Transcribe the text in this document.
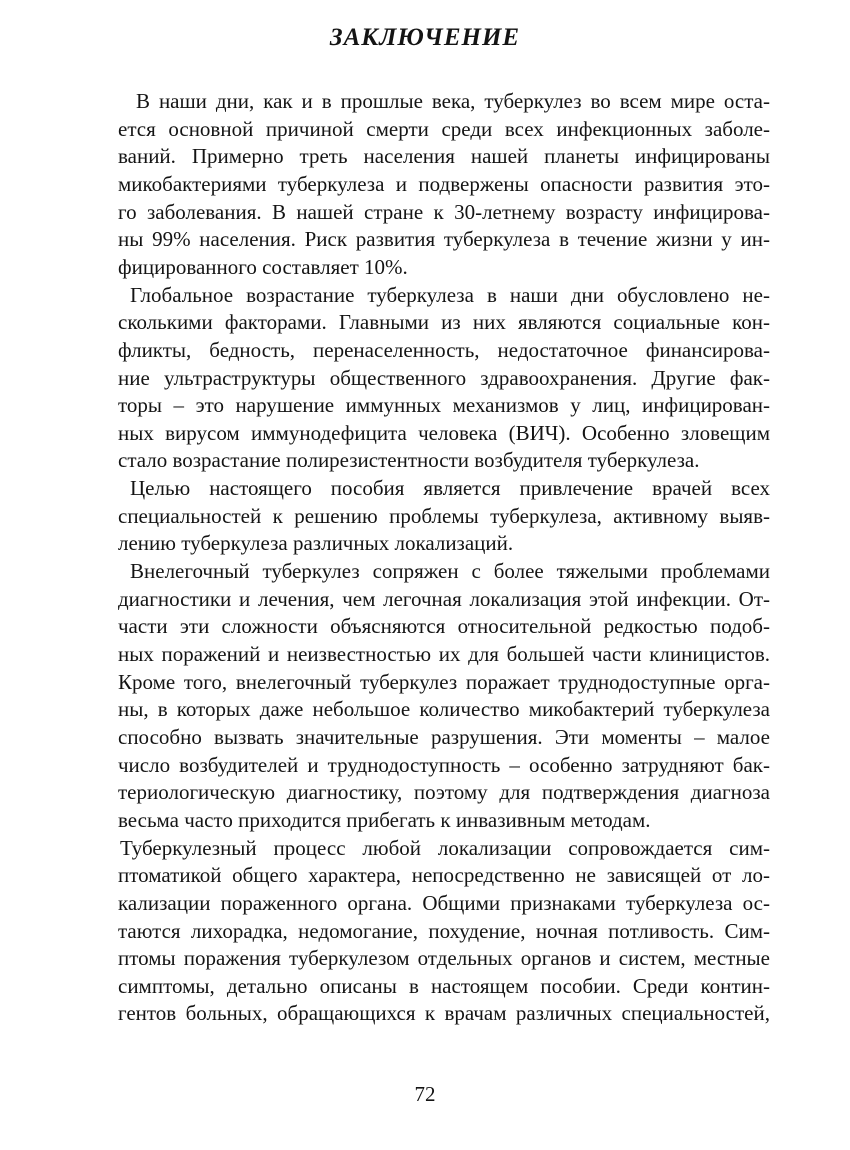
ЗАКЛЮЧЕНИЕ
В наши дни, как и в прошлые века, туберкулез во всем мире оста-
ется основной причиной смерти среди всех инфекционных заболе-
ваний. Примерно треть населения нашей планеты инфицированы
микобактериями туберкулеза и подвержены опасности развития это-
го заболевания. В нашей стране к 30-летнему возрасту инфицирова-
ны 99% населения. Риск развития туберкулеза в течение жизни у ин-
фицированного составляет 10%.
Глобальное возрастание туберкулеза в наши дни обусловлено не-
сколькими факторами. Главными из них являются социальные кон-
фликты, бедность, перенаселенность, недостаточное финансирова-
ние ультраструктуры общественного здравоохранения. Другие фак-
торы – это нарушение иммунных механизмов у лиц, инфицирован-
ных вирусом иммунодефицита человека (ВИЧ). Особенно зловещим
стало возрастание полирезистентности возбудителя туберкулеза.
Целью настоящего пособия является привлечение врачей всех
специальностей к решению проблемы туберкулеза, активному выяв-
лению туберкулеза различных локализаций.
Внелегочный туберкулез сопряжен с более тяжелыми проблемами
диагностики и лечения, чем легочная локализация этой инфекции. От-
части эти сложности объясняются относительной редкостью подоб-
ных поражений и неизвестностью их для большей части клиницистов.
Кроме того, внелегочный туберкулез поражает труднодоступные орга-
ны, в которых даже небольшое количество микобактерий туберкулеза
способно вызвать значительные разрушения. Эти моменты – малое
число возбудителей и труднодоступность – особенно затрудняют бак-
териологическую диагностику, поэтому для подтверждения диагноза
весьма часто приходится прибегать к инвазивным методам.
Туберкулезный процесс любой локализации сопровождается сим-
птоматикой общего характера, непосредственно не зависящей от ло-
кализации пораженного органа. Общими признаками туберкулеза ос-
таются лихорадка, недомогание, похудение, ночная потливость. Сим-
птомы поражения туберкулезом отдельных органов и систем, местные
симптомы, детально описаны в настоящем пособии. Среди контин-
гентов больных, обращающихся к врачам различных специальностей,
72
